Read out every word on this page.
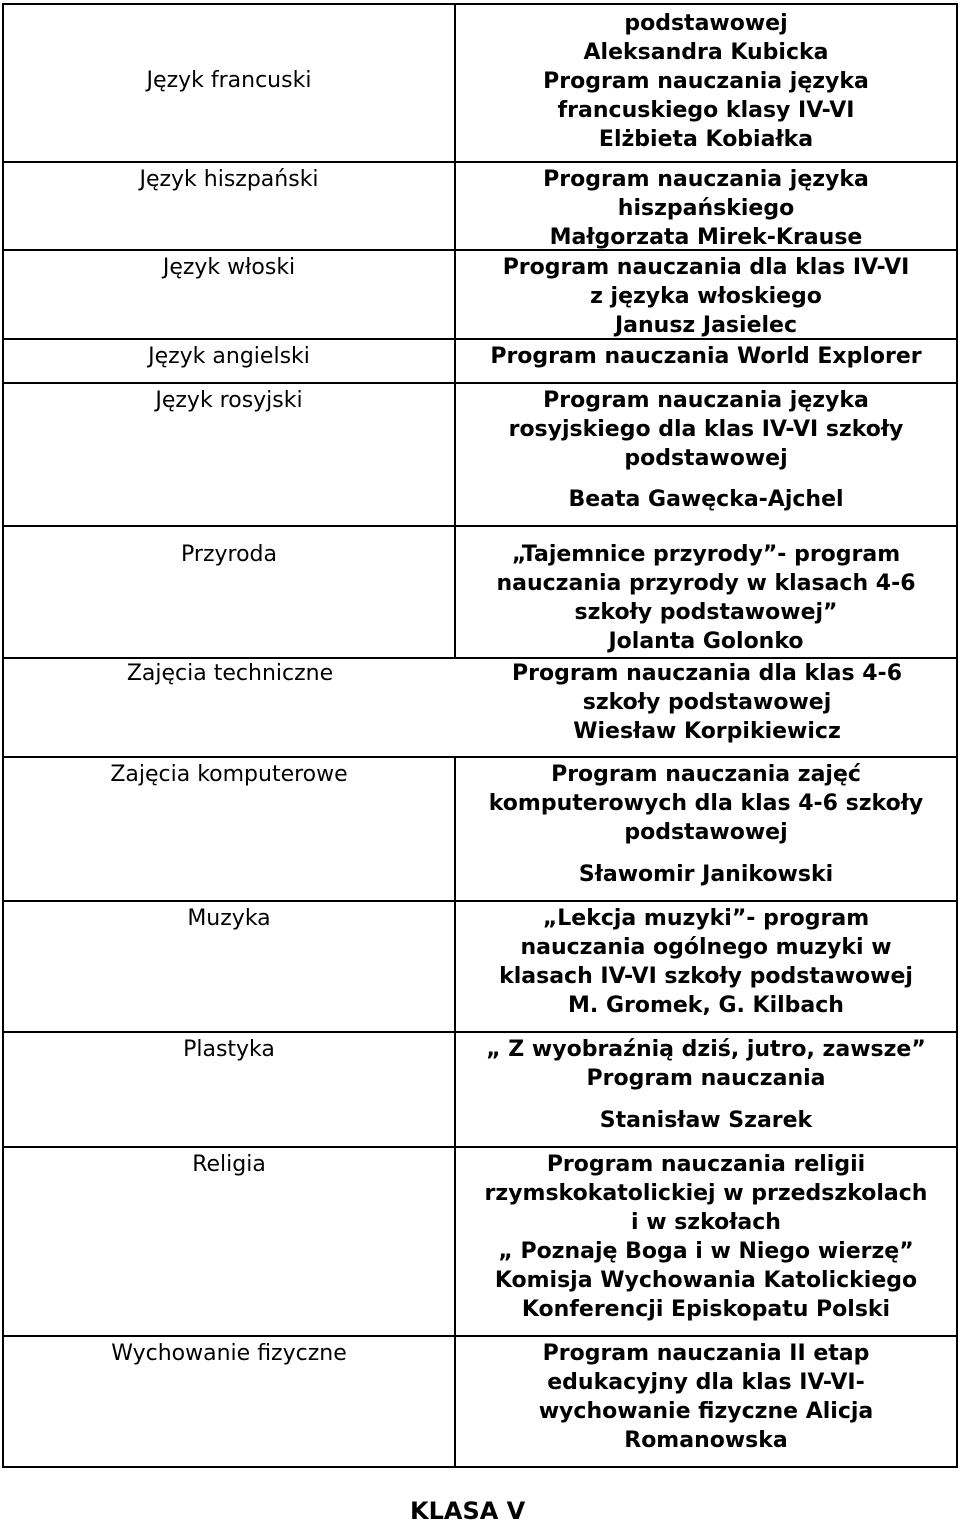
Język francuski
podstawowej
Aleksandra Kubicka
Program nauczania języka
francuskiego klasy IV-VI
Elżbieta Kobiałka
Język hiszpański	Program nauczania języka
hiszpańskiego
Małgorzata Mirek-Krause
Język włoski	Program nauczania dla klas IV-VI
z języka włoskiego
Janusz Jasielec
Język angielski	Program nauczania World Explorer
Język rosyjski	Program nauczania języka
rosyjskiego dla klas IV-VI szkoły
podstawowej
Beata Gawęcka-Ajchel
Przyroda	„Tajemnice przyrody”- program
nauczania przyrody w klasach 4-6
szkoły podstawowej”
Jolanta Golonko
Zajęcia techniczne	Program nauczania dla klas 4-6
szkoły podstawowej
Wiesław Korpikiewicz
Zajęcia komputerowe	Program nauczania zajęć
komputerowych dla klas 4-6 szkoły
podstawowej
Sławomir Janikowski
Muzyka	„Lekcja muzyki”- program
nauczania ogólnego muzyki w
klasach IV-VI szkoły podstawowej
M. Gromek, G. Kilbach
Plastyka	„ Z wyobraźnią dziś, jutro, zawsze”
Program nauczania
Stanisław Szarek
Religia	Program nauczania religii
rzymskokatolickiej w przedszkolach
i w szkołach
„ Poznaję Boga i w Niego wierzę”
Komisja Wychowania Katolickiego
Konferencji Episkopatu Polski
Wychowanie fizyczne	Program nauczania II etap
edukacyjny dla klas IV-VI-
wychowanie fizyczne Alicja
Romanowska
KLASA V
